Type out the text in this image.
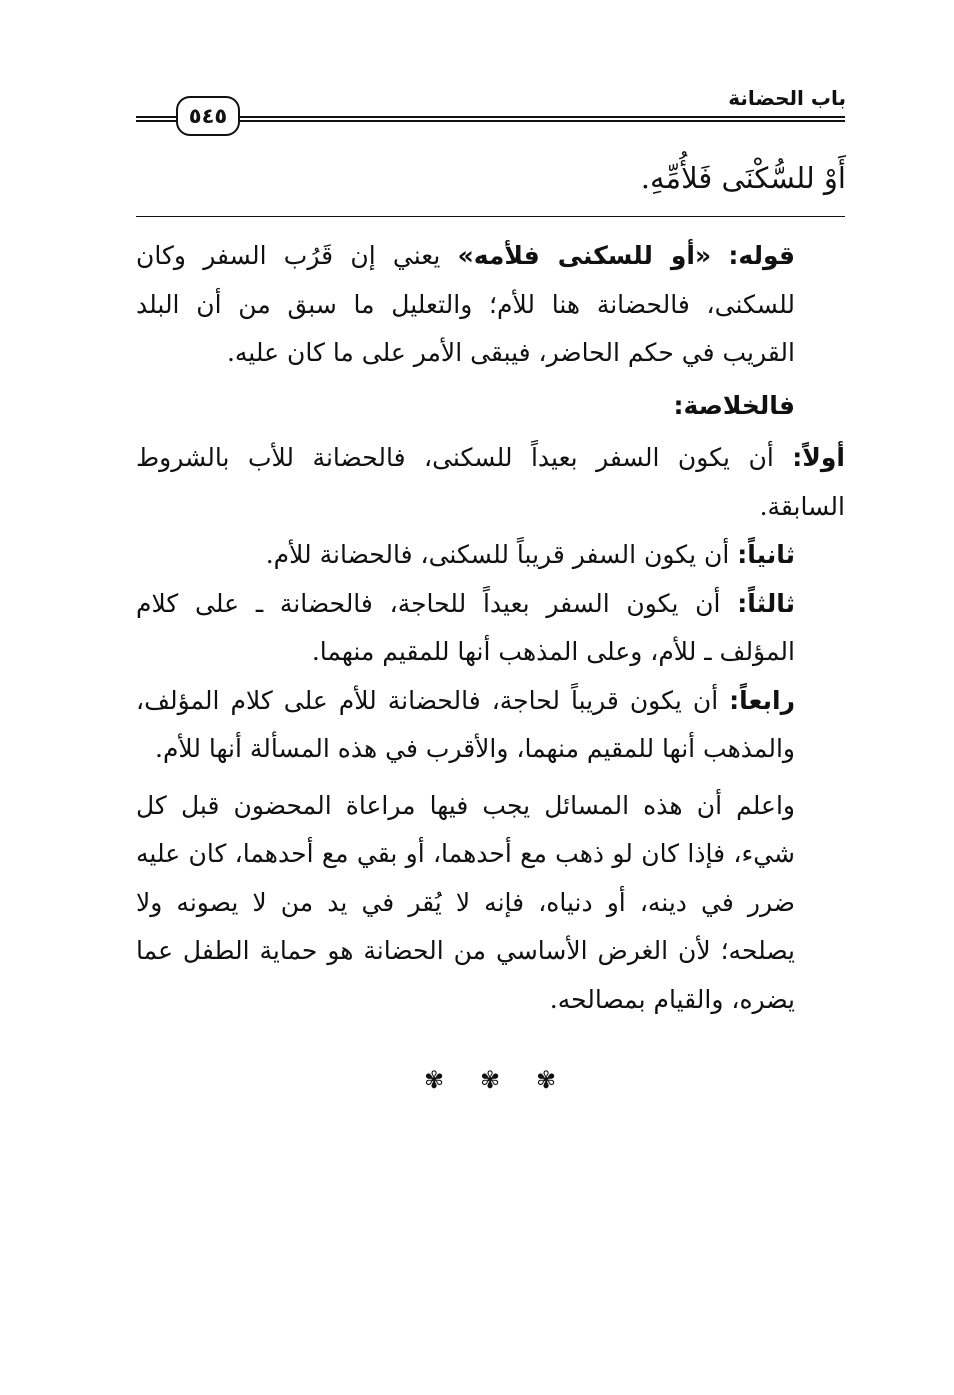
باب الحضانة
٥٤٥

أَوْ للسُّكْنَى فَلأُمِّهِ.

قوله: «أو للسكنى فلأمه» يعني إن قَرُب السفر وكان للسكنى، فالحضانة هنا للأم؛ والتعليل ما سبق من أن البلد القريب في حكم الحاضر، فيبقى الأمر على ما كان عليه.

فالخلاصة:

أولاً: أن يكون السفر بعيداً للسكنى، فالحضانة للأب بالشروط السابقة.

ثانياً: أن يكون السفر قريباً للسكنى، فالحضانة للأم.

ثالثاً: أن يكون السفر بعيداً للحاجة، فالحضانة ـ على كلام المؤلف ـ للأم، وعلى المذهب أنها للمقيم منهما.

رابعاً: أن يكون قريباً لحاجة، فالحضانة للأم على كلام المؤلف، والمذهب أنها للمقيم منهما، والأقرب في هذه المسألة أنها للأم.

واعلم أن هذه المسائل يجب فيها مراعاة المحضون قبل كل شيء، فإذا كان لو ذهب مع أحدهما، أو بقي مع أحدهما، كان عليه ضرر في دينه، أو دنياه، فإنه لا يُقر في يد من لا يصونه ولا يصلحه؛ لأن الغرض الأساسي من الحضانة هو حماية الطفل عما يضره، والقيام بمصالحه.

✾ ✾ ✾
